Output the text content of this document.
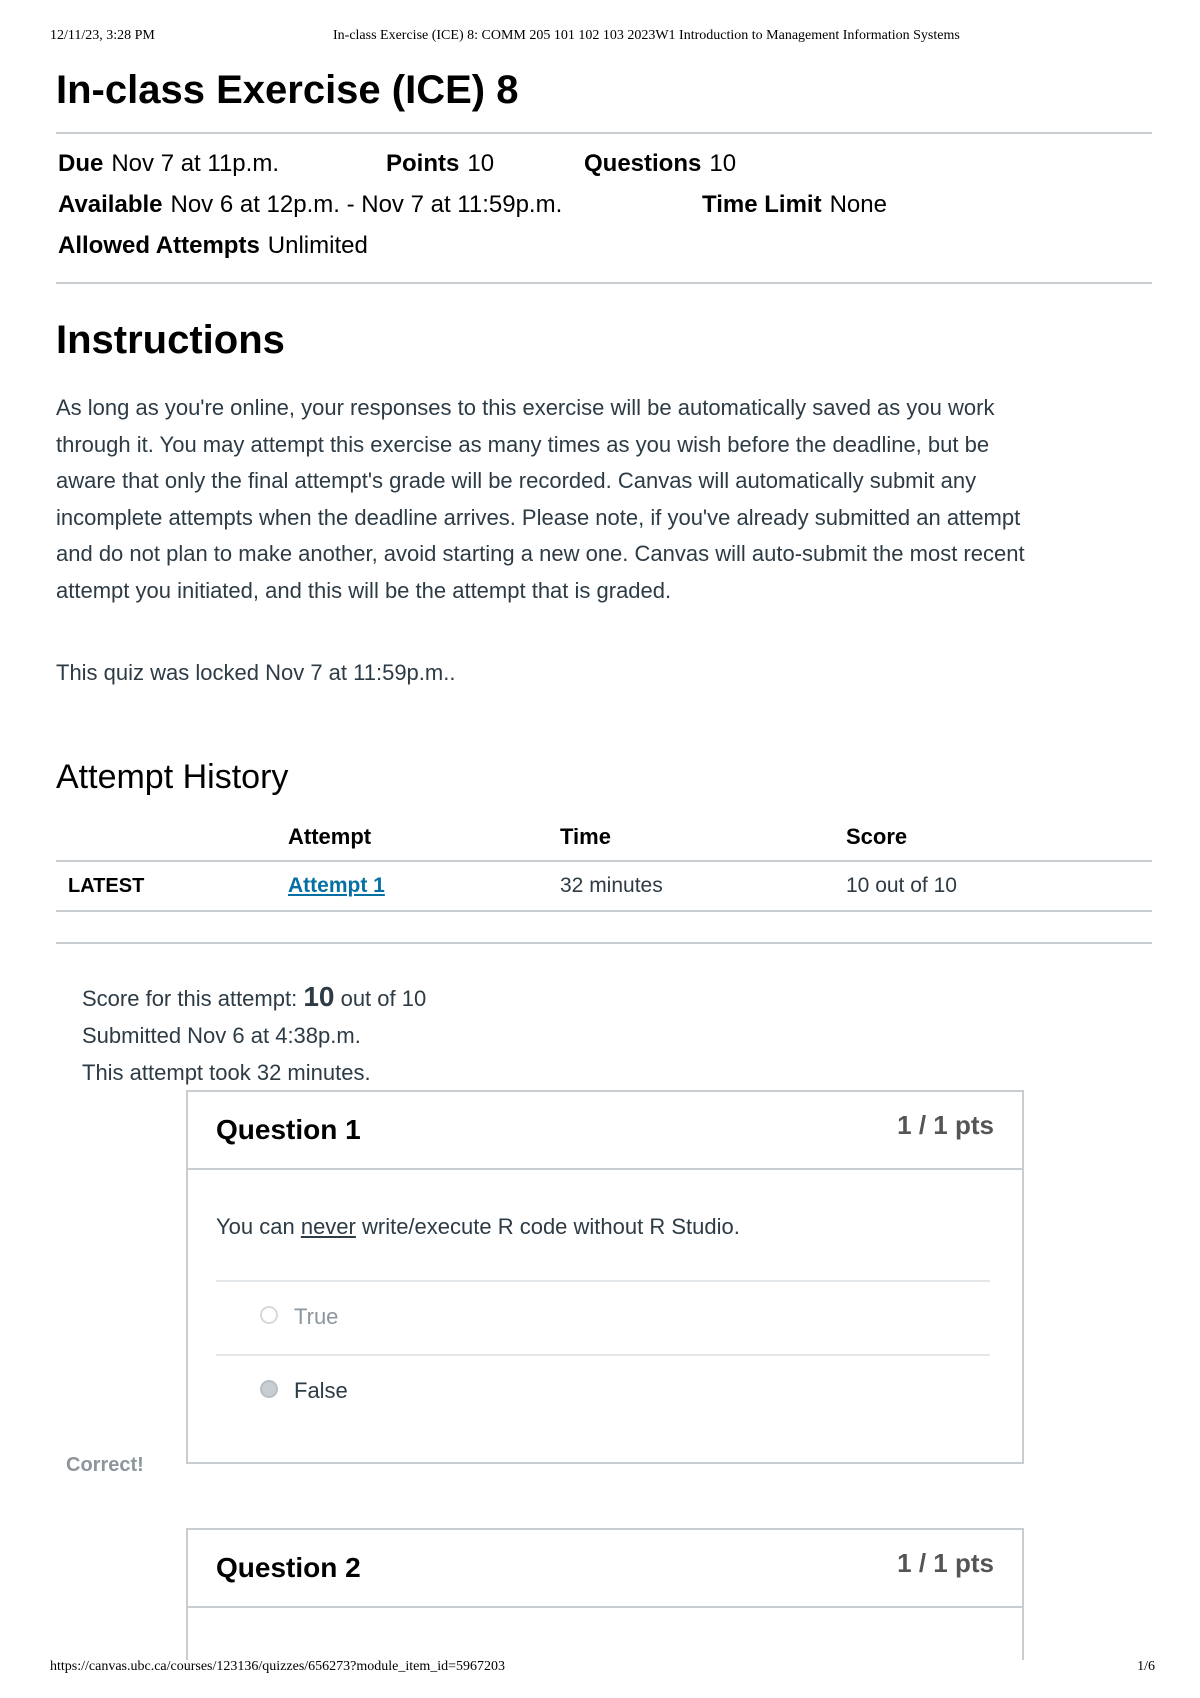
12/11/23, 3:28 PM	In-class Exercise (ICE) 8: COMM 205 101 102 103 2023W1 Introduction to Management Information Systems
In-class Exercise (ICE) 8
Due Nov 7 at 11p.m.	Points 10	Questions 10
Available Nov 6 at 12p.m. - Nov 7 at 11:59p.m.	Time Limit None
Allowed Attempts Unlimited
Instructions

As long as you're online, your responses to this exercise will be automatically saved as you work
through it. You may attempt this exercise as many times as you wish before the deadline, but be
aware that only the final attempt's grade will be recorded. Canvas will automatically submit any
incomplete attempts when the deadline arrives. Please note, if you've already submitted an attempt
and do not plan to make another, avoid starting a new one. Canvas will auto-submit the most recent
attempt you initiated, and this will be the attempt that is graded.

This quiz was locked Nov 7 at 11:59p.m..

Attempt History
	Attempt	Time	Score
LATEST	Attempt 1	32 minutes	10 out of 10

Score for this attempt: 10 out of 10
Submitted Nov 6 at 4:38p.m.
This attempt took 32 minutes.
Question 1	1 / 1 pts
You can never write/execute R code without R Studio.
True
False
Correct!
Question 2	1 / 1 pts
https://canvas.ubc.ca/courses/123136/quizzes/656273?module_item_id=5967203	1/6
